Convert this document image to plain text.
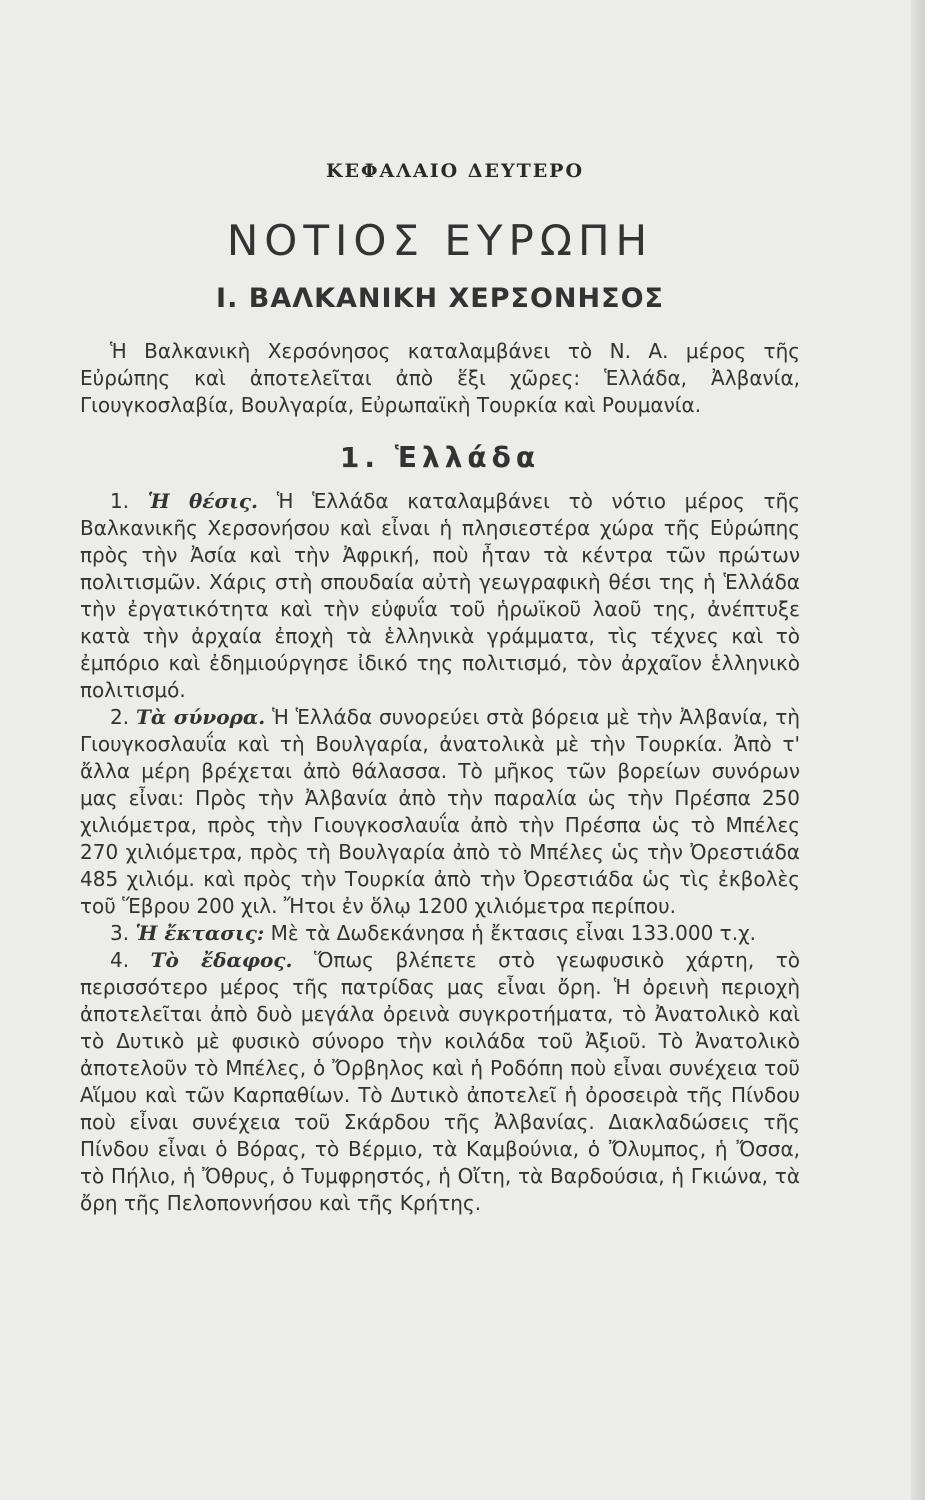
ΚΕΦΑΛΑΙΟ ΔΕΥΤΕΡΟ
ΝΟΤΙΟΣ ΕΥΡΩΠΗ
Ι. ΒΑΛΚΑΝΙΚΗ ΧΕΡΣΟΝΗΣΟΣ

Ἡ Βαλκανικὴ Χερσόνησος καταλαμβάνει τὸ Ν. Α. μέρος τῆς Εὐρώπης καὶ ἀποτελεῖται ἀπὸ ἕξι χῶρες: Ἑλλάδα, Ἀλβανία, Γιουγκοσλαβία, Βουλγαρία, Εὐρωπαϊκὴ Τουρκία καὶ Ρουμανία.

1. Ἑλλάδα

1. Ἡ θέσις. Ἡ Ἑλλάδα καταλαμβάνει τὸ νότιο μέρος τῆς Βαλκανικῆς Χερσονήσου καὶ εἶναι ἡ πλησιεστέρα χώρα τῆς Εὐρώπης πρὸς τὴν Ἀσία καὶ τὴν Ἀφρική, ποὺ ἦταν τὰ κέντρα τῶν πρώτων πολιτισμῶν. Χάρις στὴ σπουδαία αὐτὴ γεωγραφικὴ θέσι της ἡ Ἑλλάδα τὴν ἐργατικότητα καὶ τὴν εὐφυΐα τοῦ ἡρωϊκοῦ λαοῦ της, ἀνέπτυξε κατὰ τὴν ἀρχαία ἐποχὴ τὰ ἑλληνικὰ γράμματα, τὶς τέχνες καὶ τὸ ἐμπόριο καὶ ἐδημιούργησε ἰδικό της πολιτισμό, τὸν ἀρχαῖον ἑλληνικὸ πολιτισμό.

2. Τὰ σύνορα. Ἡ Ἑλλάδα συνορεύει στὰ βόρεια μὲ τὴν Ἀλβανία, τὴ Γιουγκοσλαυΐα καὶ τὴ Βουλγαρία, ἀνατολικὰ μὲ τὴν Τουρκία. Ἀπὸ τ' ἄλλα μέρη βρέχεται ἀπὸ θάλασσα. Τὸ μῆκος τῶν βορείων συνόρων μας εἶναι: Πρὸς τὴν Ἀλβανία ἀπὸ τὴν παραλία ὡς τὴν Πρέσπα 250 χιλιόμετρα, πρὸς τὴν Γιουγκοσλαυΐα ἀπὸ τὴν Πρέσπα ὡς τὸ Μπέλες 270 χιλιόμετρα, πρὸς τὴ Βουλγαρία ἀπὸ τὸ Μπέλες ὡς τὴν Ὀρεστιάδα 485 χιλιόμ. καὶ πρὸς τὴν Τουρκία ἀπὸ τὴν Ὀρεστιάδα ὡς τὶς ἐκβολὲς τοῦ Ἕβρου 200 χιλ. Ἤτοι ἐν ὅλῳ 1200 χιλιόμετρα περίπου.

3. Ἡ ἔκτασις: Μὲ τὰ Δωδεκάνησα ἡ ἔκτασις εἶναι 133.000 τ.χ.

4. Τὸ ἔδαφος. Ὅπως βλέπετε στὸ γεωφυσικὸ χάρτη, τὸ περισσότερο μέρος τῆς πατρίδας μας εἶναι ὄρη. Ἡ ὀρεινὴ περιοχὴ ἀποτελεῖται ἀπὸ δυὸ μεγάλα ὀρεινὰ συγκροτήματα, τὸ Ἀνατολικὸ καὶ τὸ Δυτικὸ μὲ φυσικὸ σύνορο τὴν κοιλάδα τοῦ Ἀξιοῦ. Τὸ Ἀνατολικὸ ἀποτελοῦν τὸ Μπέλες, ὁ Ὄρβηλος καὶ ἡ Ροδόπη ποὺ εἶναι συνέχεια τοῦ Αἵμου καὶ τῶν Καρπαθίων. Τὸ Δυτικὸ ἀποτελεῖ ἡ ὀροσειρὰ τῆς Πίνδου ποὺ εἶναι συνέχεια τοῦ Σκάρδου τῆς Ἀλβανίας. Διακλαδώσεις τῆς Πίνδου εἶναι ὁ Βόρας, τὸ Βέρμιο, τὰ Καμβούνια, ὁ Ὄλυμπος, ἡ Ὄσσα, τὸ Πήλιο, ἡ Ὄθρυς, ὁ Τυμφρηστός, ἡ Οἴτη, τὰ Βαρδούσια, ἡ Γκιώνα, τὰ ὄρη τῆς Πελοποννήσου καὶ τῆς Κρήτης.
